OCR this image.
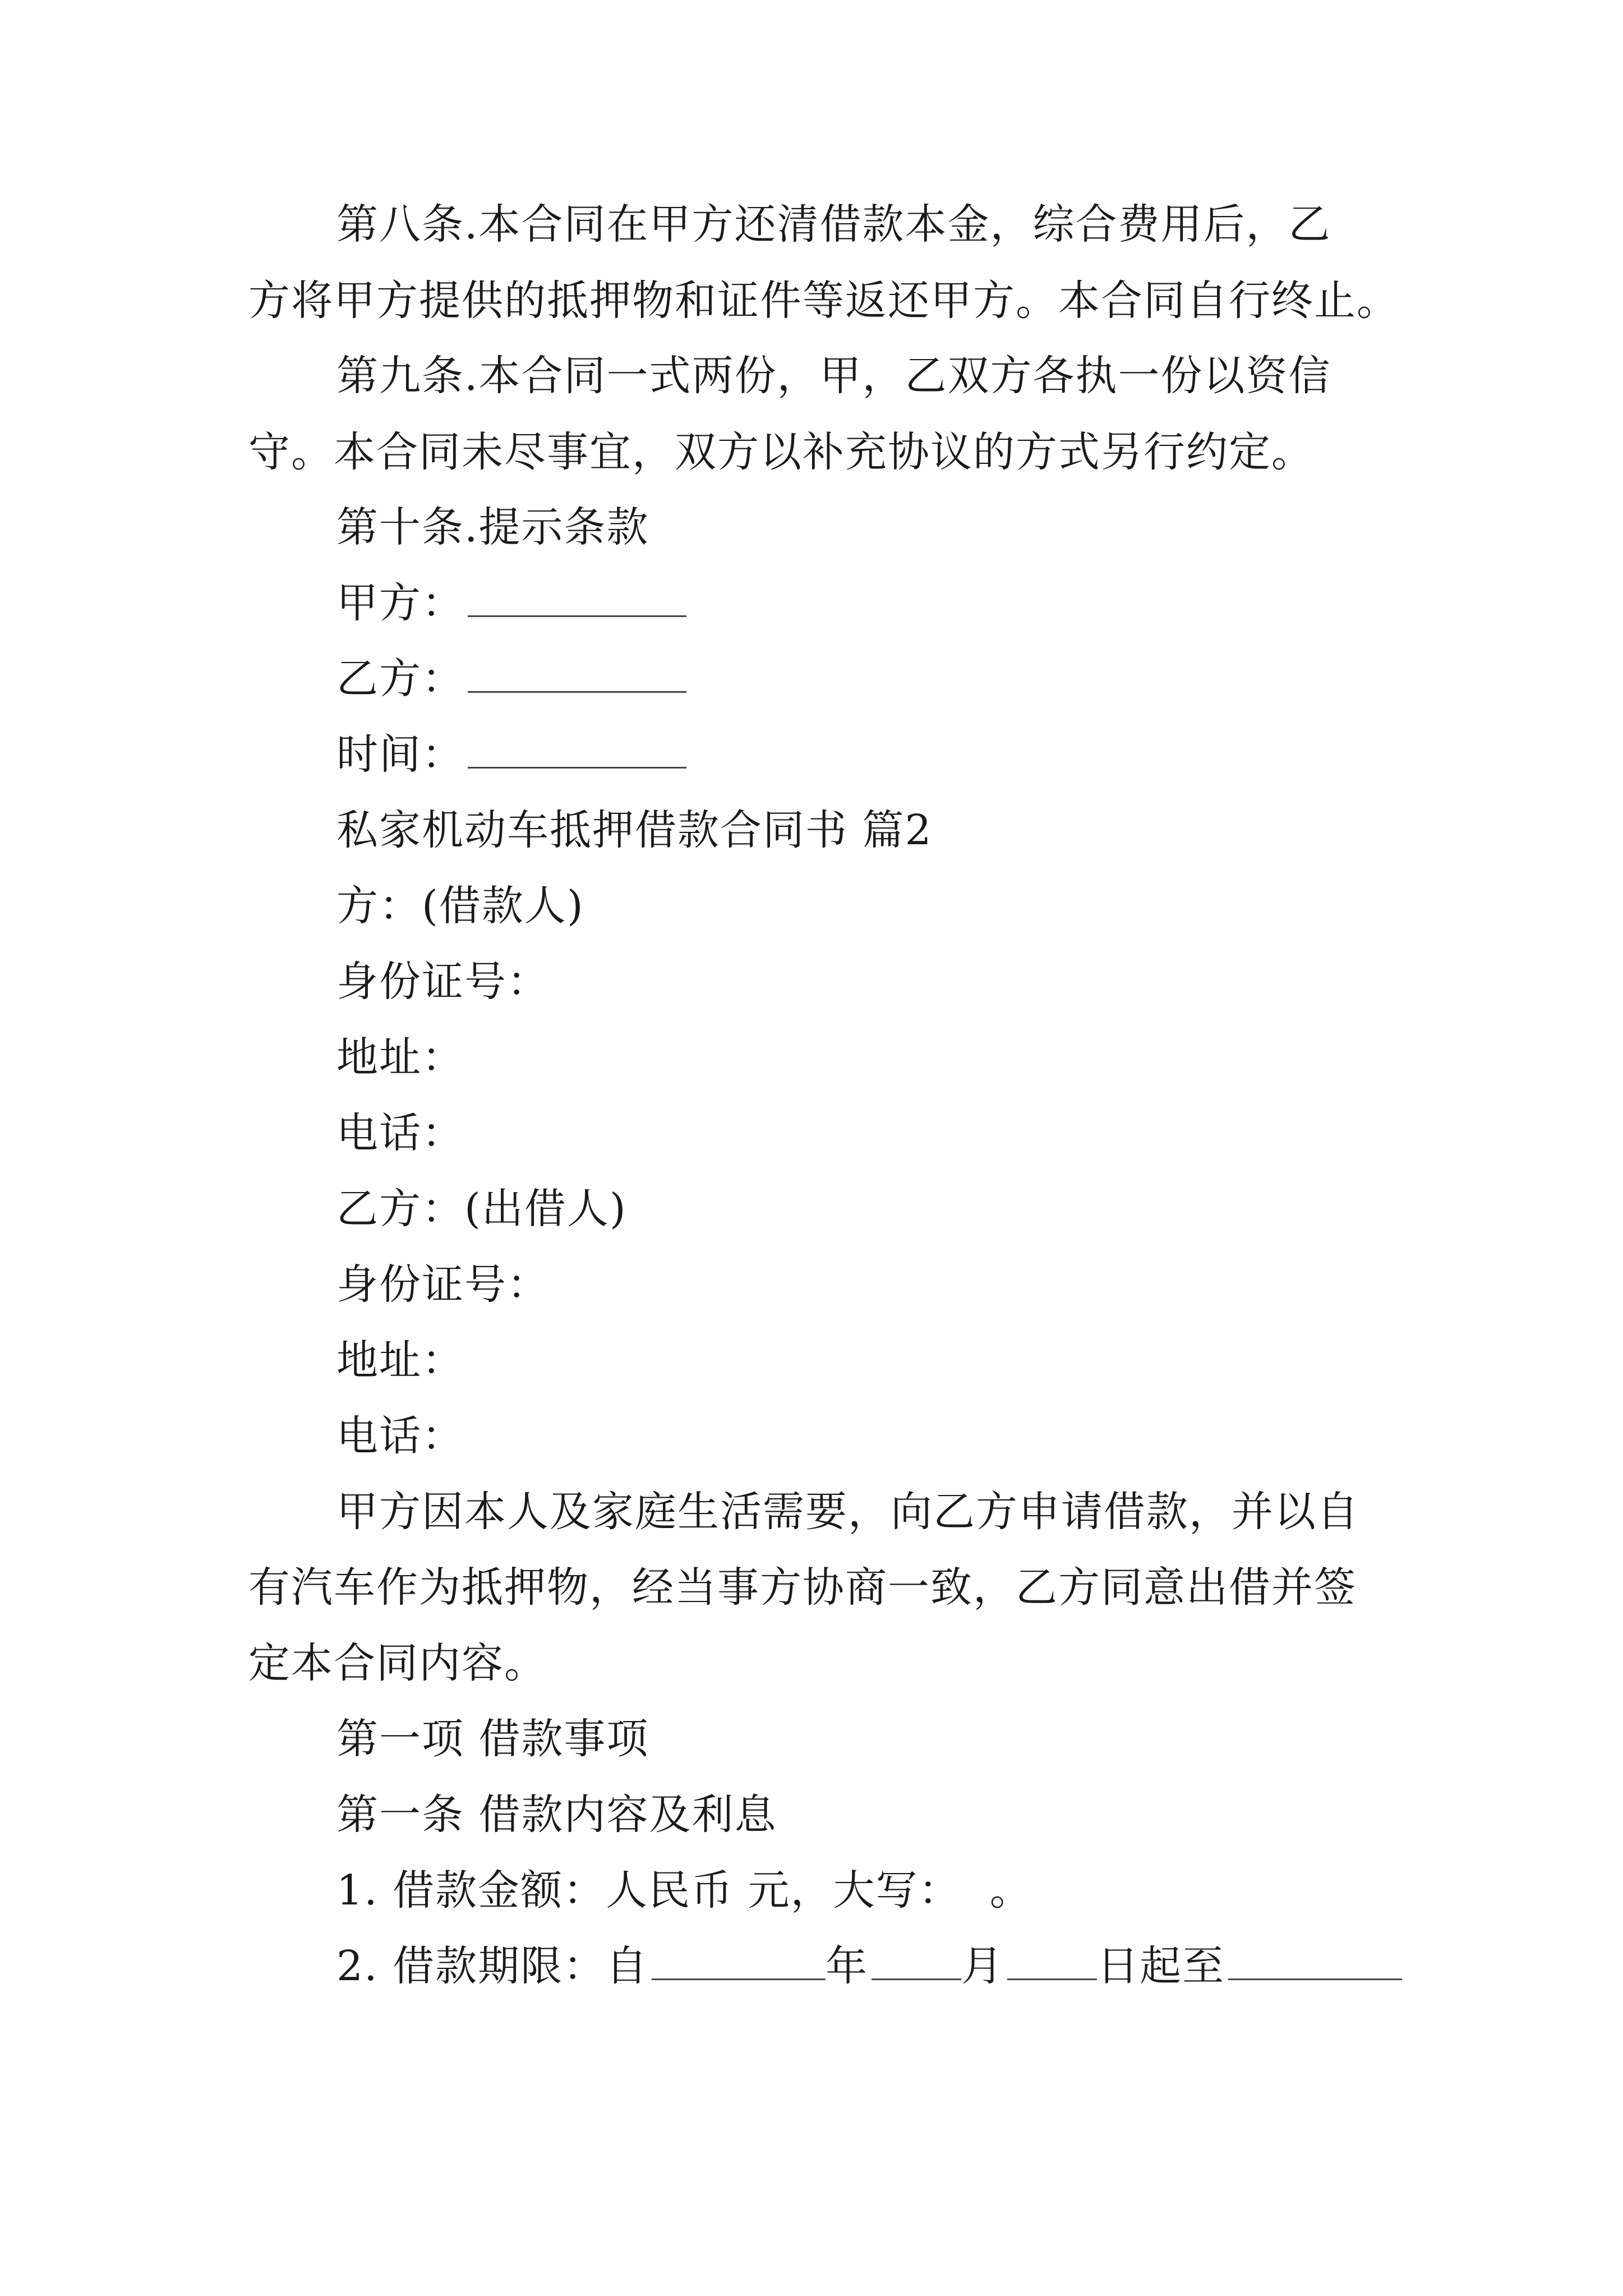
第八条.本合同在甲方还清借款本金，综合费用后，乙
方将甲方提供的抵押物和证件等返还甲方。本合同自行终止。
第九条.本合同一式两份，甲，乙双方各执一份以资信
守。本合同未尽事宜，双方以补充协议的方式另行约定。
第十条.提示条款
甲方：
乙方：
时间：
私家机动车抵押借款合同书 篇2
方：(借款人)
身份证号：
地址：
电话：
乙方：(出借人)
身份证号：
地址：
电话：
甲方因本人及家庭生活需要，向乙方申请借款，并以自
有汽车作为抵押物，经当事方协商一致，乙方同意出借并签
定本合同内容。
第一项 借款事项
第一条 借款内容及利息
1. 借款金额：人民币 元，大写：  。
2. 借款期限：自	年 月 日起至
